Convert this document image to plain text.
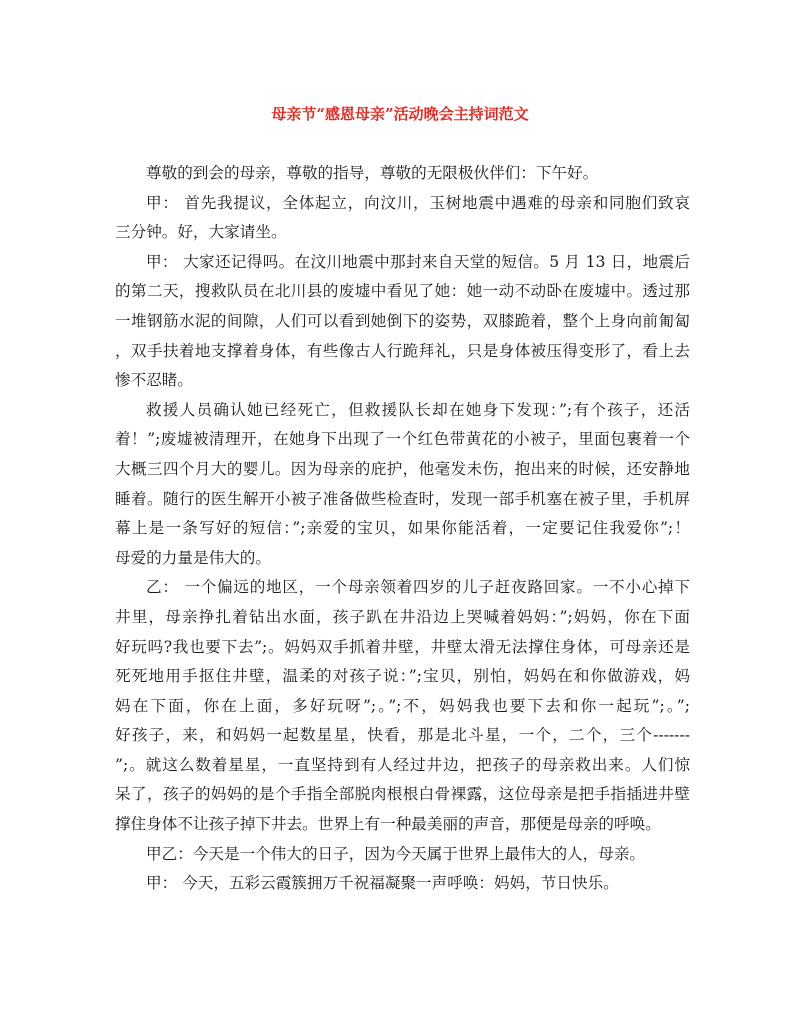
母亲节“感恩母亲”活动晚会主持词范文
尊敬的到会的母亲，尊敬的指导，尊敬的无限极伙伴们：下午好。
甲： 首先我提议，全体起立，向汶川，玉树地震中遇难的母亲和同胞们致哀
三分钟。好，大家请坐。
甲： 大家还记得吗。在汶川地震中那封来自天堂的短信。5 月 13 日，地震后
的第二天，搜救队员在北川县的废墟中看见了她：她一动不动卧在废墟中。透过那
一堆钢筋水泥的间隙，人们可以看到她倒下的姿势，双膝跪着，整个上身向前匍匐
，双手扶着地支撑着身体，有些像古人行跪拜礼，只是身体被压得变形了，看上去
惨不忍睹。
救援人员确认她已经死亡，但救援队长却在她身下发现：”;有个孩子，还活
着！”;废墟被清理开，在她身下出现了一个红色带黄花的小被子，里面包裹着一个
大概三四个月大的婴儿。因为母亲的庇护，他毫发未伤，抱出来的时候，还安静地
睡着。随行的医生解开小被子准备做些检查时，发现一部手机塞在被子里，手机屏
幕上是一条写好的短信：”;亲爱的宝贝，如果你能活着，一定要记住我爱你”;！
母爱的力量是伟大的。
乙： 一个偏远的地区，一个母亲领着四岁的儿子赶夜路回家。一不小心掉下
井里，母亲挣扎着钻出水面，孩子趴在井沿边上哭喊着妈妈：”;妈妈，你在下面
好玩吗?我也要下去”;。妈妈双手抓着井壁，井壁太滑无法撑住身体，可母亲还是
死死地用手抠住井壁，温柔的对孩子说：”;宝贝，别怕，妈妈在和你做游戏，妈
妈在下面，你在上面，多好玩呀”;。”;不，妈妈我也要下去和你一起玩”;。”;
好孩子，来，和妈妈一起数星星，快看，那是北斗星，一个，二个，三个-------
”;。就这么数着星星，一直坚持到有人经过井边，把孩子的母亲救出来。人们惊
呆了，孩子的妈妈的是个手指全部脱肉根根白骨裸露，这位母亲是把手指插进井壁
撑住身体不让孩子掉下井去。世界上有一种最美丽的声音，那便是母亲的呼唤。
甲乙：今天是一个伟大的日子，因为今天属于世界上最伟大的人，母亲。
甲： 今天，五彩云霞簇拥万千祝福凝聚一声呼唤：妈妈，节日快乐。
